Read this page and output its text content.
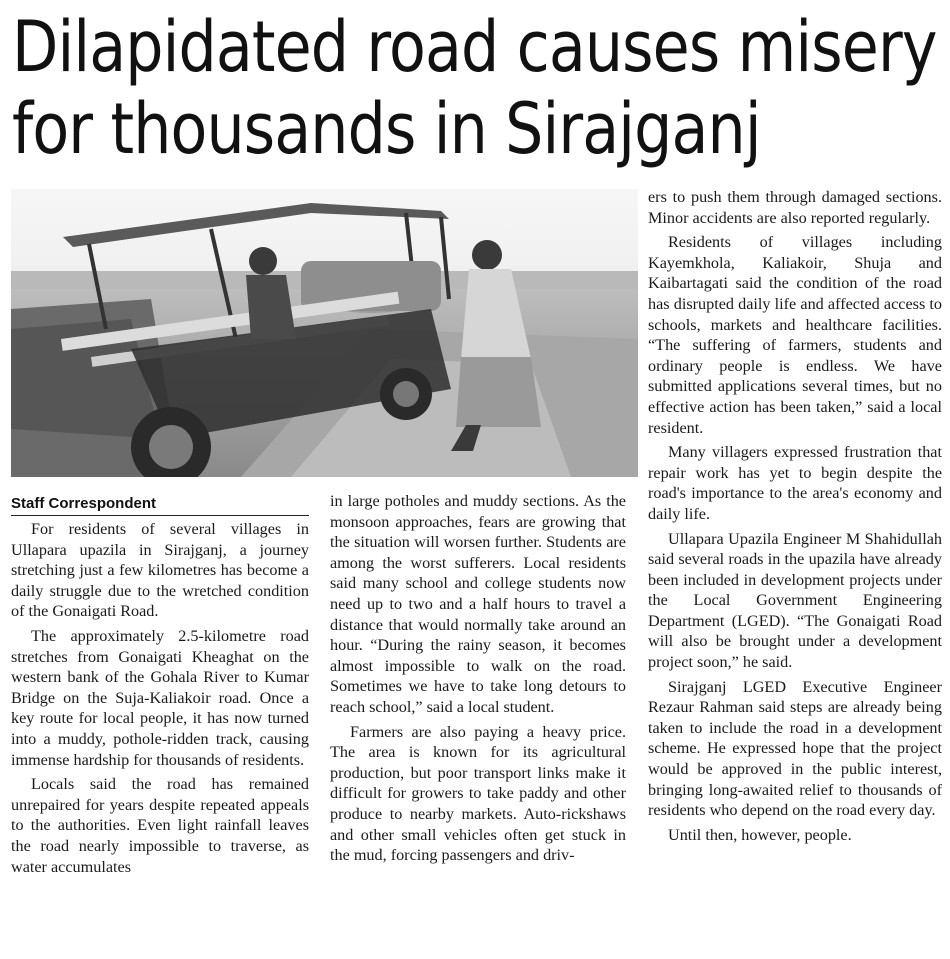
Dilapidated road causes misery
for thousands in Sirajganj
Staff Correspondent

For residents of several villages in Ullapara upazila in Sirajganj, a journey stretching just a few kilometres has become a daily struggle due to the wretched condition of the Gonaigati Road.

The approximately 2.5-kilometre road stretches from Gonaigati Kheaghat on the western bank of the Gohala River to Kumar Bridge on the Suja-Kaliakoir road. Once a key route for local people, it has now turned into a muddy, pothole-ridden track, causing immense hardship for thousands of residents.

Locals said the road has remained unrepaired for years despite repeated appeals to the authorities. Even light rainfall leaves the road nearly impossible to traverse, as water accumulates

in large potholes and muddy sections. As the monsoon approaches, fears are growing that the situation will worsen further. Students are among the worst sufferers. Local residents said many school and college students now need up to two and a half hours to travel a distance that would normally take around an hour. “During the rainy season, it becomes almost impossible to walk on the road. Sometimes we have to take long detours to reach school,” said a local student.

Farmers are also paying a heavy price. The area is known for its agricultural production, but poor transport links make it difficult for growers to take paddy and other produce to nearby markets. Auto-rickshaws and other small vehicles often get stuck in the mud, forcing passengers and driv-

ers to push them through damaged sections. Minor accidents are also reported regularly.

Residents of villages including Kayemkhola, Kaliakoir, Shuja and Kaibartagati said the condition of the road has disrupted daily life and affected access to schools, markets and healthcare facilities. “The suffering of farmers, students and ordinary people is endless. We have submitted applications several times, but no effective action has been taken,” said a local resident.

Many villagers expressed frustration that repair work has yet to begin despite the road's importance to the area's economy and daily life.

Ullapara Upazila Engineer M Shahidullah said several roads in the upazila have already been included in development projects under the Local Government Engineering Department (LGED). “The Gonaigati Road will also be brought under a development project soon,” he said.

Sirajganj LGED Executive Engineer Rezaur Rahman said steps are already being taken to include the road in a development scheme. He expressed hope that the project would be approved in the public interest, bringing long-awaited relief to thousands of residents who depend on the road every day.

Until then, however, people.
